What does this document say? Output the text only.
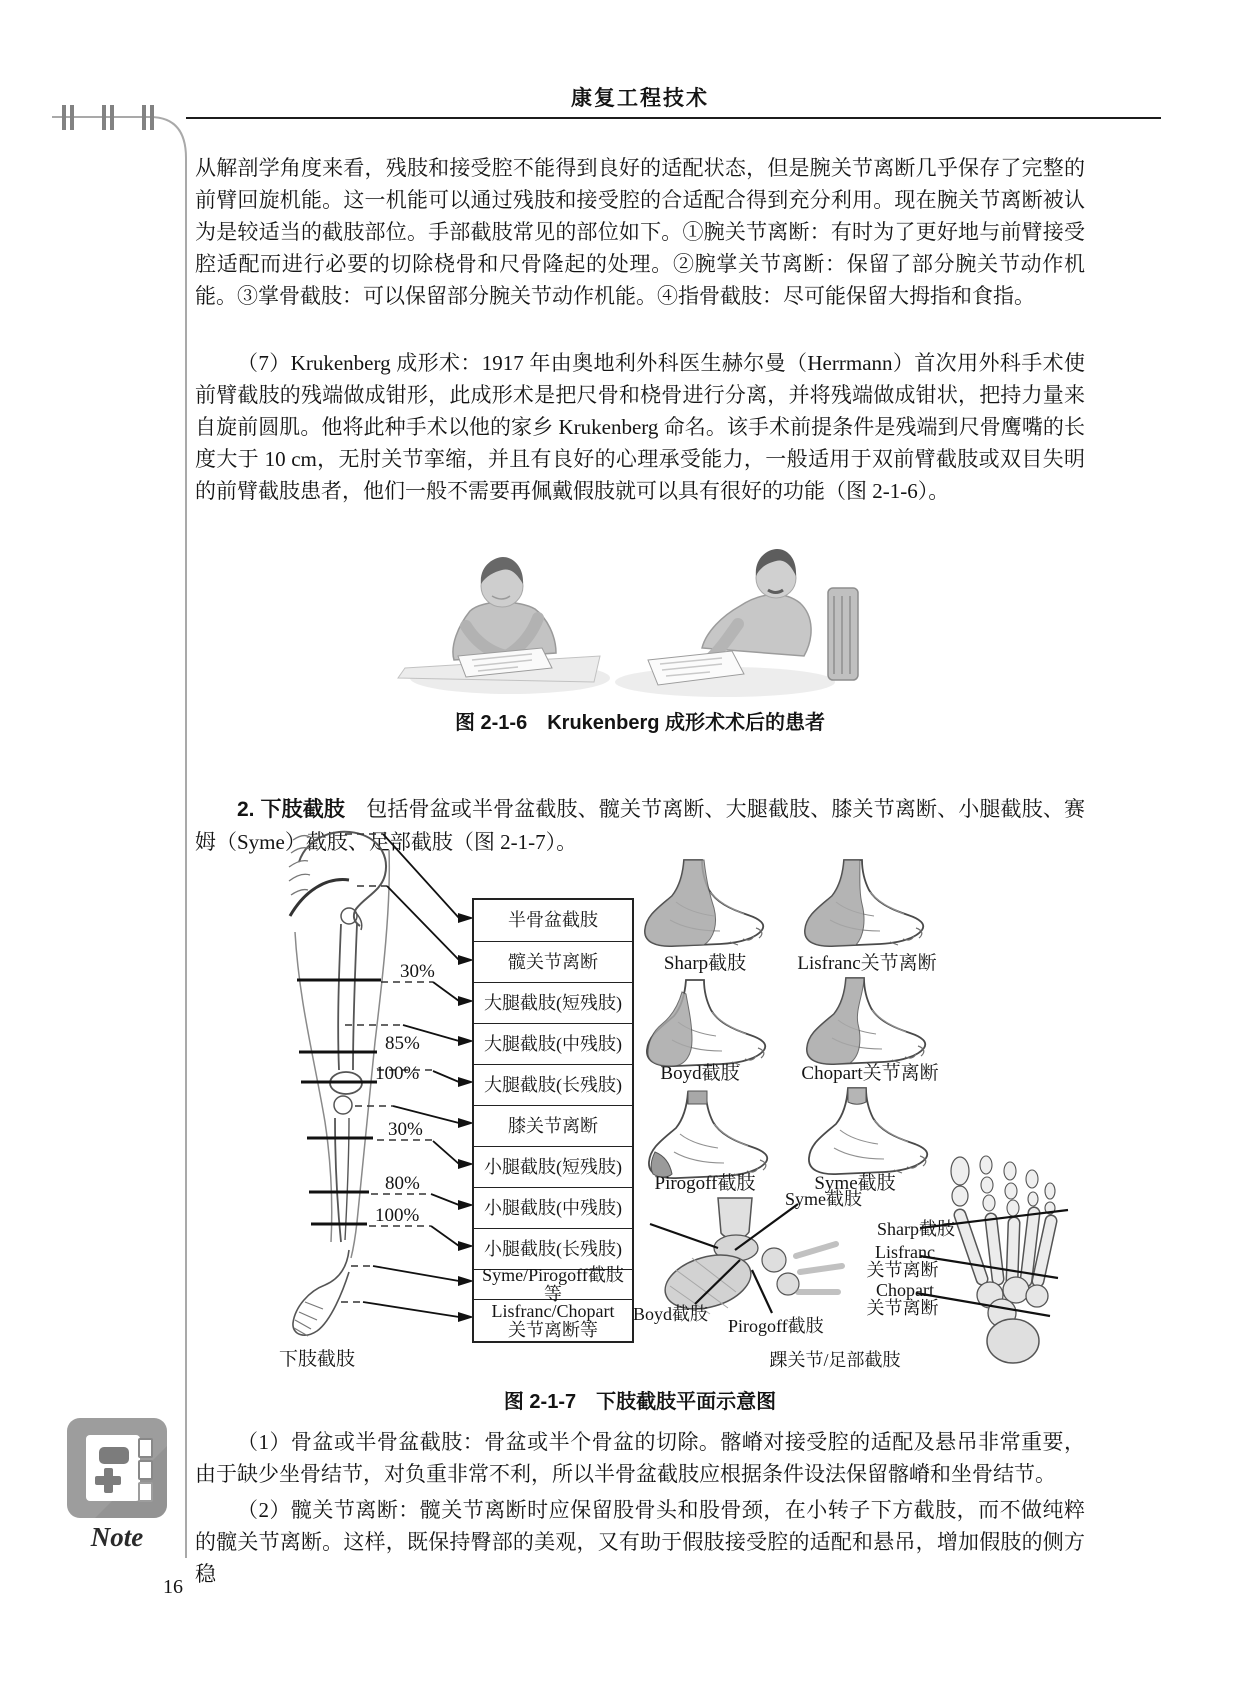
康复工程技术
从解剖学角度来看，残肢和接受腔不能得到良好的适配状态，但是腕关节离断几乎保存了完整的前臂回旋机能。这一机能可以通过残肢和接受腔的合适配合得到充分利用。现在腕关节离断被认为是较适当的截肢部位。手部截肢常见的部位如下。①腕关节离断：有时为了更好地与前臂接受腔适配而进行必要的切除桡骨和尺骨隆起的处理。②腕掌关节离断：保留了部分腕关节动作机能。③掌骨截肢：可以保留部分腕关节动作机能。④指骨截肢：尽可能保留大拇指和食指。
（7）Krukenberg 成形术：1917 年由奥地利外科医生赫尔曼（Herrmann）首次用外科手术使前臂截肢的残端做成钳形，此成形术是把尺骨和桡骨进行分离，并将残端做成钳状，把持力量来自旋前圆肌。他将此种手术以他的家乡 Krukenberg 命名。该手术前提条件是残端到尺骨鹰嘴的长度大于 10 cm，无肘关节挛缩，并且有良好的心理承受能力，一般适用于双前臂截肢或双目失明的前臂截肢患者，他们一般不需要再佩戴假肢就可以具有很好的功能（图 2-1-6）。
图 2-1-6　Krukenberg 成形术术后的患者
2. 下肢截肢　包括骨盆或半骨盆截肢、髋关节离断、大腿截肢、膝关节离断、小腿截肢、赛姆（Syme）截肢、足部截肢（图 2-1-7）。
30%
85%
100%
30%
80%
100%
半骨盆截肢
髋关节离断
大腿截肢(短残肢)
大腿截肢(中残肢)
大腿截肢(长残肢)
膝关节离断
小腿截肢(短残肢)
小腿截肢(中残肢)
小腿截肢(长残肢)
Syme/Pirogoff截肢等
Lisfranc/Chopart
关节离断等
Sharp截肢	Lisfranc关节离断
Boyd截肢	Chopart关节离断
Pirogoff截肢	Syme截肢
Syme截肢
Sharp截肢
Lisfranc
关节离断
Chopart
关节离断
Boyd截肢
Pirogoff截肢
下肢截肢	踝关节/足部截肢
图 2-1-7　下肢截肢平面示意图
（1）骨盆或半骨盆截肢：骨盆或半个骨盆的切除。髂嵴对接受腔的适配及悬吊非常重要，由于缺少坐骨结节，对负重非常不利，所以半骨盆截肢应根据条件设法保留髂嵴和坐骨结节。
（2）髋关节离断：髋关节离断时应保留股骨头和股骨颈，在小转子下方截肢，而不做纯粹的髋关节离断。这样，既保持臀部的美观，又有助于假肢接受腔的适配和悬吊，增加假肢的侧方稳
16
Note
